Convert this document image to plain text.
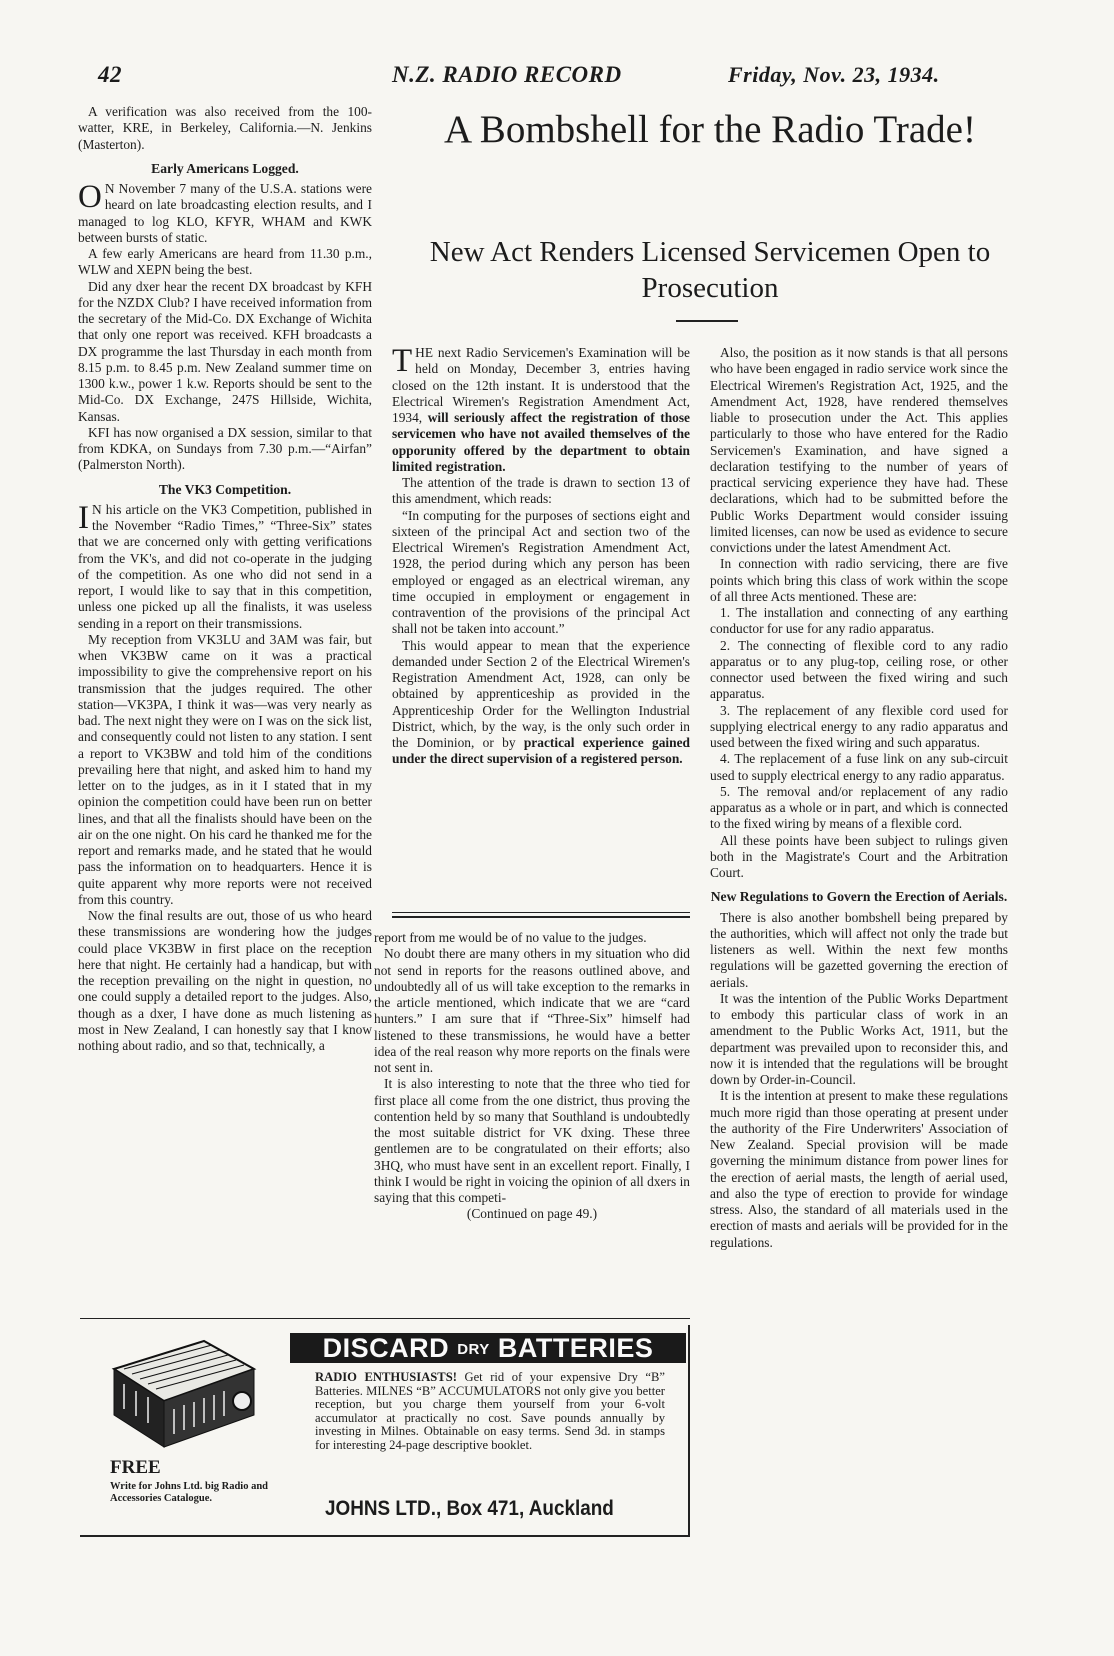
42	N.Z. RADIO RECORD	Friday, Nov. 23, 1934.

A verification was also received from the 100-watter, KRE, in Berkeley, California.—N. Jenkins (Masterton).

Early Americans Logged.

O N November 7 many of the U.S.A. stations were heard on late broadcasting election results, and I managed to log KLO, KFYR, WHAM and KWK between bursts of static.

A few early Americans are heard from 11.30 p.m., WLW and XEPN being the best.

Did any dxer hear the recent DX broadcast by KFH for the NZDX Club? I have received information from the secretary of the Mid-Co. DX Exchange of Wichita that only one report was received. KFH broadcasts a DX programme the last Thursday in each month from 8.15 p.m. to 8.45 p.m. New Zealand summer time on 1300 k.w., power 1 k.w. Reports should be sent to the Mid-Co. DX Exchange, 247S Hillside, Wichita, Kansas.

KFI has now organised a DX session, similar to that from KDKA, on Sundays from 7.30 p.m.—“Airfan” (Palmerston North).

The VK3 Competition.

I N his article on the VK3 Competition, published in the November “Radio Times,” “Three-Six” states that we are concerned only with getting verifications from the VK's, and did not co-operate in the judging of the competition. As one who did not send in a report, I would like to say that in this competition, unless one picked up all the finalists, it was useless sending in a report on their transmissions.

My reception from VK3LU and 3AM was fair, but when VK3BW came on it was a practical impossibility to give the comprehensive report on his transmission that the judges required. The other station—VK3PA, I think it was—was very nearly as bad. The next night they were on I was on the sick list, and consequently could not listen to any station. I sent a report to VK3BW and told him of the conditions prevailing here that night, and asked him to hand my letter on to the judges, as in it I stated that in my opinion the competition could have been run on better lines, and that all the finalists should have been on the air on the one night. On his card he thanked me for the report and remarks made, and he stated that he would pass the information on to headquarters. Hence it is quite apparent why more reports were not received from this country.

Now the final results are out, those of us who heard these transmissions are wondering how the judges could place VK3BW in first place on the reception here that night. He certainly had a handicap, but with the reception prevailing on the night in question, no one could supply a detailed report to the judges. Also, though as a dxer, I have done as much listening as most in New Zealand, I can honestly say that I know nothing about radio, and so that, technically, a

A Bombshell for the Radio Trade!
New Act Renders Licensed Servicemen Open to Prosecution

THE next Radio Servicemen's Examination will be held on Monday, December 3, entries having closed on the 12th instant. It is understood that the Electrical Wiremen's Registration Amendment Act, 1934, will seriously affect the registration of those servicemen who have not availed themselves of the opporunity offered by the department to obtain limited registration.

The attention of the trade is drawn to section 13 of this amendment, which reads:

“In computing for the purposes of sections eight and sixteen of the principal Act and section two of the Electrical Wiremen's Registration Amendment Act, 1928, the period during which any person has been employed or engaged as an electrical wireman, any time occupied in employment or engagement in contravention of the provisions of the principal Act shall not be taken into account.”

This would appear to mean that the experience demanded under Section 2 of the Electrical Wiremen's Registration Amendment Act, 1928, can only be obtained by apprenticeship as provided in the Apprenticeship Order for the Wellington Industrial District, which, by the way, is the only such order in the Dominion, or by practical experience gained under the direct supervision of a registered person.

report from me would be of no value to the judges.

No doubt there are many others in my situation who did not send in reports for the reasons outlined above, and undoubtedly all of us will take exception to the remarks in the article mentioned, which indicate that we are “card hunters.” I am sure that if “Three-Six” himself had listened to these transmissions, he would have a better idea of the real reason why more reports on the finals were not sent in.

It is also interesting to note that the three who tied for first place all come from the one district, thus proving the contention held by so many that Southland is undoubtedly the most suitable district for VK dxing. These three gentlemen are to be congratulated on their efforts; also 3HQ, who must have sent in an excellent report. Finally, I think I would be right in voicing the opinion of all dxers in saying that this competi-

(Continued on page 49.)

Also, the position as it now stands is that all persons who have been engaged in radio service work since the Electrical Wiremen's Registration Act, 1925, and the Amendment Act, 1928, have rendered themselves liable to prosecution under the Act. This applies particularly to those who have entered for the Radio Servicemen's Examination, and have signed a declaration testifying to the number of years of practical servicing experience they have had. These declarations, which had to be submitted before the Public Works Department would consider issuing limited licenses, can now be used as evidence to secure convictions under the latest Amendment Act.

In connection with radio servicing, there are five points which bring this class of work within the scope of all three Acts mentioned. These are:

1. The installation and connecting of any earthing conductor for use for any radio apparatus.

2. The connecting of flexible cord to any radio apparatus or to any plug-top, ceiling rose, or other connector used between the fixed wiring and such apparatus.

3. The replacement of any flexible cord used for supplying electrical energy to any radio apparatus and used between the fixed wiring and such apparatus.

4. The replacement of a fuse link on any sub-circuit used to supply electrical energy to any radio apparatus.

5. The removal and/or replacement of any radio apparatus as a whole or in part, and which is connected to the fixed wiring by means of a flexible cord.

All these points have been subject to rulings given both in the Magistrate's Court and the Arbitration Court.

New Regulations to Govern the Erection of Aerials.

There is also another bombshell being prepared by the authorities, which will affect not only the trade but listeners as well. Within the next few months regulations will be gazetted governing the erection of aerials.

It was the intention of the Public Works Department to embody this particular class of work in an amendment to the Public Works Act, 1911, but the department was prevailed upon to reconsider this, and now it is intended that the regulations will be brought down by Order-in-Council.

It is the intention at present to make these regulations much more rigid than those operating at present under the authority of the Fire Underwriters' Association of New Zealand. Special provision will be made governing the minimum distance from power lines for the erection of aerial masts, the length of aerial used, and also the type of erection to provide for windage stress. Also, the standard of all materials used in the erection of masts and aerials will be provided for in the regulations.

DISCARD DRY BATTERIES
RADIO ENTHUSIASTS! Get rid of your expensive Dry “B” Batteries. MILNES “B” ACCUMULATORS not only give you better reception, but you charge them yourself from your 6-volt accumulator at practically no cost. Save pounds annually by investing in Milnes. Obtainable on easy terms. Send 3d. in stamps for interesting 24-page descriptive booklet.
FREE
Write for Johns Ltd. big Radio and Accessories Catalogue.	JOHNS LTD., Box 471, Auckland
